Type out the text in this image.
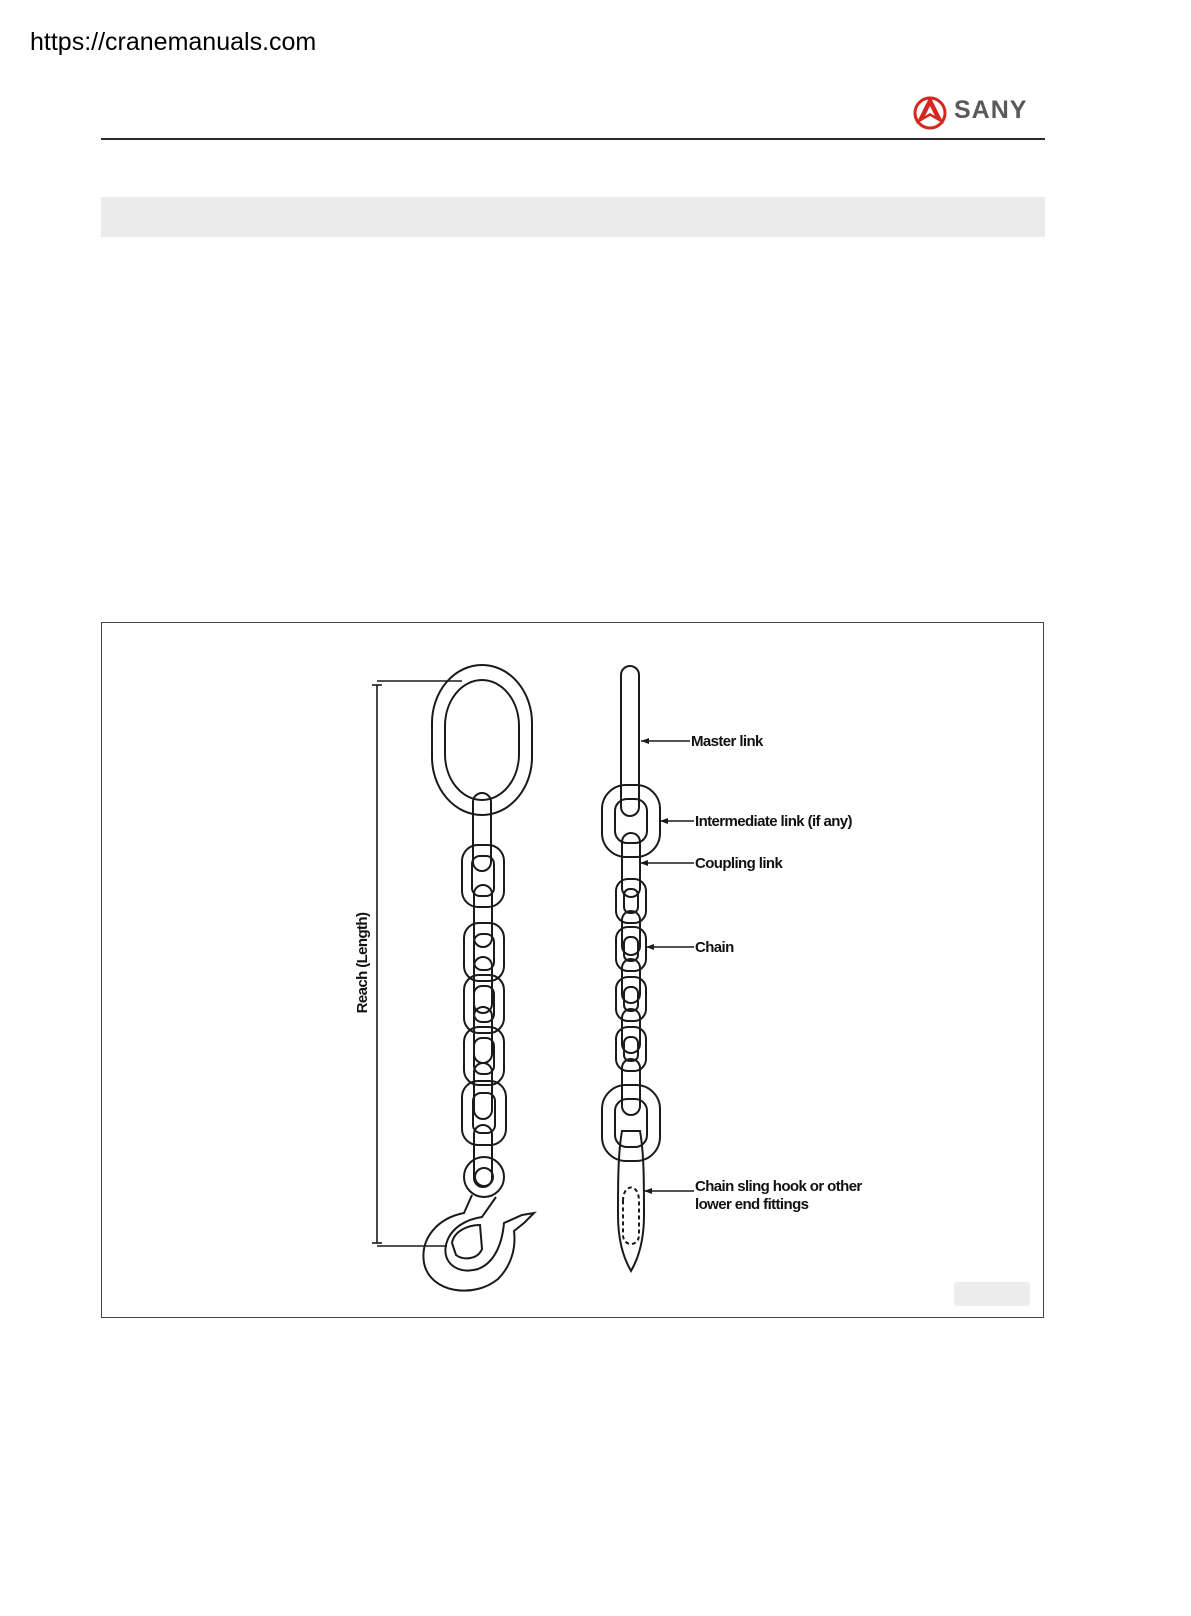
https://cranemanuals.com
SANY
Master link
Intermediate link (if any)
Coupling link
Chain
Chain sling hook or other
lower end fittings
Reach (Length)
